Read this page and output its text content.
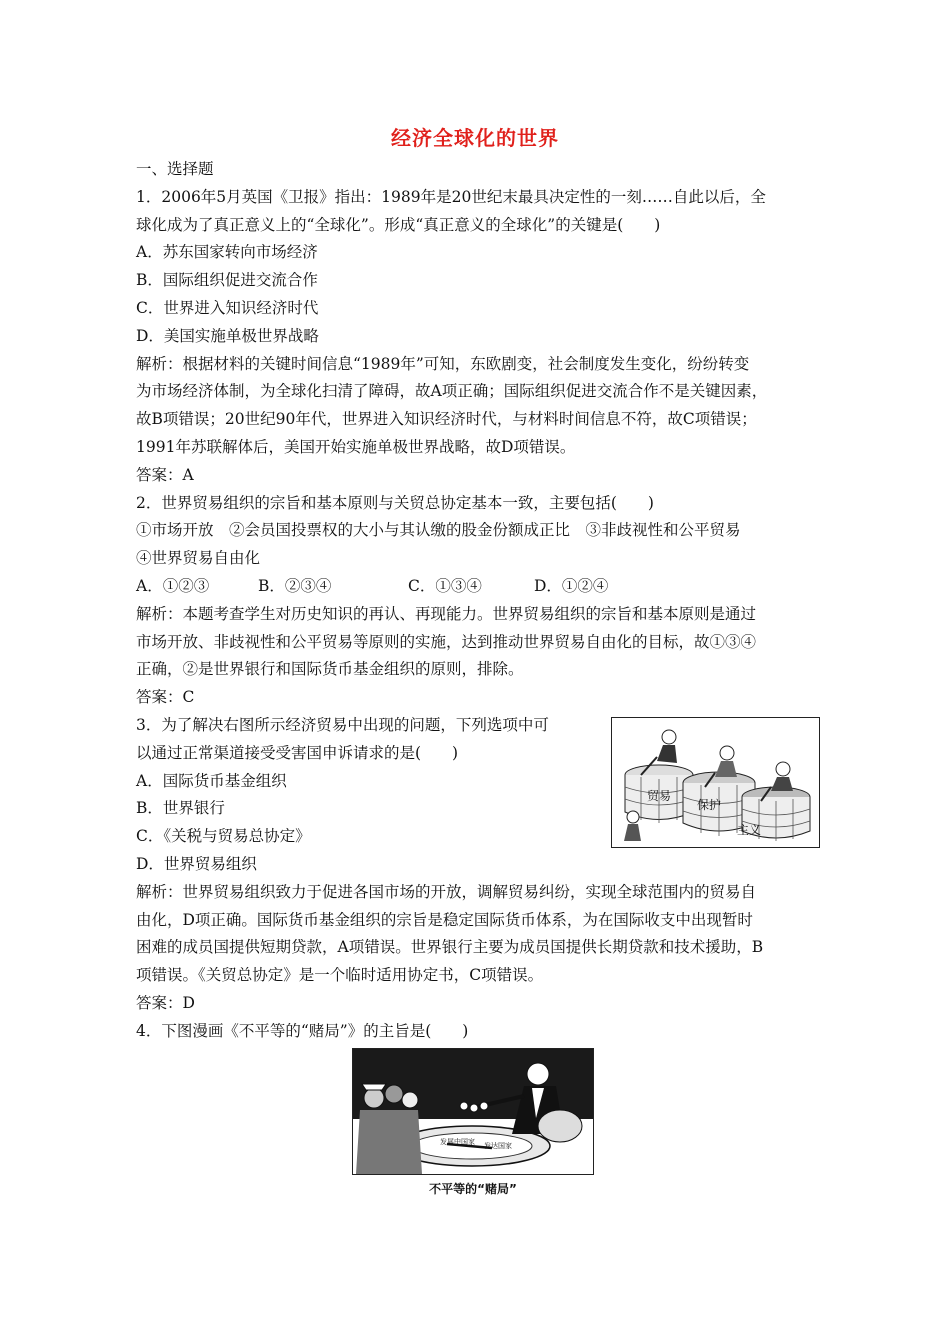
经济全球化的世界

一、选择题

1．2006年5月英国《卫报》指出：1989年是20世纪末最具决定性的一刻……自此以后，全

球化成为了真正意义上的“全球化”。形成“真正意义的全球化”的关键是(　　)

A．苏东国家转向市场经济

B．国际组织促进交流合作

C．世界进入知识经济时代

D．美国实施单极世界战略

解析：根据材料的关键时间信息“1989年”可知，东欧剧变，社会制度发生变化，纷纷转变

为市场经济体制，为全球化扫清了障碍，故A项正确；国际组织促进交流合作不是关键因素，

故B项错误；20世纪90年代，世界进入知识经济时代，与材料时间信息不符，故C项错误；

1991年苏联解体后，美国开始实施单极世界战略，故D项错误。

答案：A

2．世界贸易组织的宗旨和基本原则与关贸总协定基本一致，主要包括(　　)

①市场开放　②会员国投票权的大小与其认缴的股金份额成正比　③非歧视性和公平贸易

④世界贸易自由化

A．①②③	B．②③④	C．①③④	D．①②④

解析：本题考查学生对历史知识的再认、再现能力。世界贸易组织的宗旨和基本原则是通过

市场开放、非歧视性和公平贸易等原则的实施，达到推动世界贸易自由化的目标，故①③④

正确，②是世界银行和国际货币基金组织的原则，排除。

答案：C

3．为了解决右图所示经济贸易中出现的问题，下列选项中可

以通过正常渠道接受受害国申诉请求的是(　　)

A．国际货币基金组织

B．世界银行

C．《关税与贸易总协定》

D．世界贸易组织

解析：世界贸易组织致力于促进各国市场的开放，调解贸易纠纷，实现全球范围内的贸易自

由化，D项正确。国际货币基金组织的宗旨是稳定国际货币体系，为在国际收支中出现暂时

困难的成员国提供短期贷款，A项错误。世界银行主要为成员国提供长期贷款和技术援助，B

项错误。《关贸总协定》是一个临时适用协定书，C项错误。

答案：D

4．下图漫画《不平等的“赌局”》的主旨是(　　)

贸易
保护
主义
发展中国家 发达国家
不平等的“赌局”
